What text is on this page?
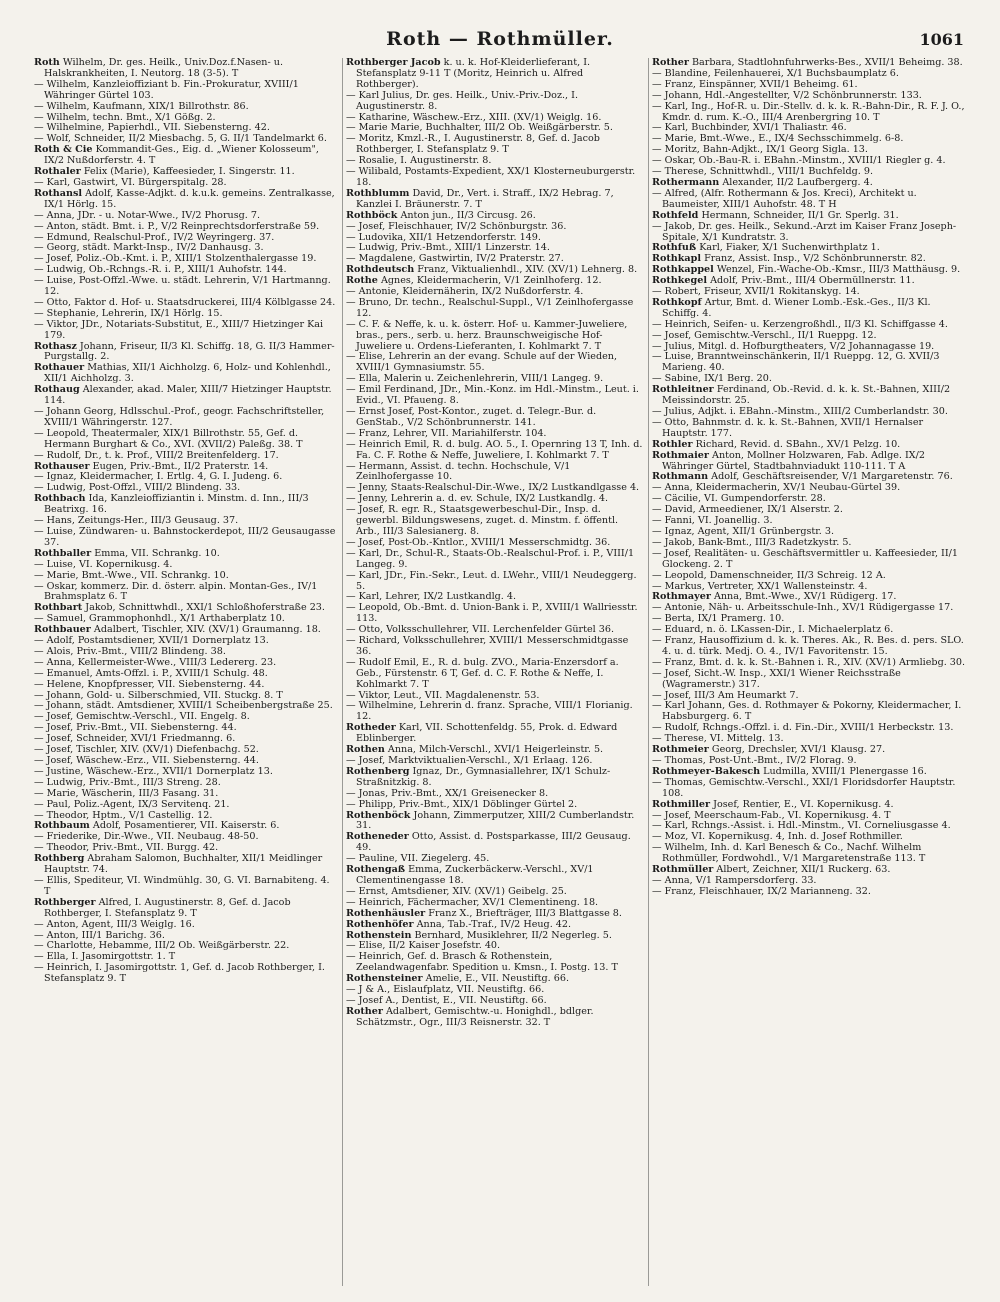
Roth — Rothmüller.	1061

Roth Wilhelm, Dr. ges. Heilk., Univ.Doz.f.Nasen- u. Halskrankheiten, I. Neutorg. 18 (3-5). T

— Wilhelm, Kanzleioffiziant b. Fin.-Prokuratur, XVIII/1 Währinger Gürtel 103.

— Wilhelm, Kaufmann, XIX/1 Billrothstr. 86.

— Wilhelm, techn. Bmt., X/1 Gößg. 2.

— Wilhelmine, Papierhdl., VII. Siebensterng. 42.

— Wolf, Schneider, II/2 Miesbachg. 5, G. II/1 Tandelmarkt 6.

Roth & Cie Kommandit-Ges., Eig. d. „Wiener Kolosseum", IX/2 Nußdorferstr. 4. T

Rothaler Felix (Marie), Kaffeesieder, I. Singerstr. 11.

— Karl, Gastwirt, VI. Bürgerspitalg. 28.

Rothansl Adolf, Kasse-Adjkt. d. k.u.k. gemeins. Zentralkasse, IX/1 Hörlg. 15.

— Anna, JDr. - u. Notar-Wwe., IV/2 Phorusg. 7.

— Anton, städt. Bmt. i. P., V/2 Reinprechtsdorferstraße 59.

— Edmund, Realschul-Prof., IV/2 Weyringerg. 37.

— Georg, städt. Markt-Insp., IV/2 Danhausg. 3.

— Josef, Poliz.-Ob.-Kmt. i. P., XIII/1 Stolzenthalergasse 19.

— Ludwig, Ob.-Rchngs.-R. i. P., XIII/1 Auhofstr. 144.

— Luise, Post-Offzl.-Wwe. u. städt. Lehrerin, V/1 Hartmanng. 12.

— Otto, Faktor d. Hof- u. Staatsdruckerei, III/4 Kölblgasse 24.

— Stephanie, Lehrerin, IX/1 Hörlg. 15.

— Viktor, JDr., Notariats-Substitut, E., XIII/7 Hietzinger Kai 179.

Rothasz Johann, Friseur, II/3 Kl. Schiffg. 18, G. II/3 Hammer-Purgstallg. 2.

Rothauer Mathias, XII/1 Aichholzg. 6, Holz- und Kohlenhdl., XII/1 Aichholzg. 3.

Rothaug Alexander, akad. Maler, XIII/7 Hietzinger Hauptstr. 114.

— Johann Georg, Hdlsschul.-Prof., geogr. Fachschriftsteller, XVIII/1 Währingerstr. 127.

— Leopold, Theatermaler, XIX/1 Billrothstr. 55, Gef. d. Hermann Burghart & Co., XVI. (XVII/2) Paleßg. 38. T

— Rudolf, Dr., t. k. Prof., VIII/2 Breitenfelderg. 17.

Rothauser Eugen, Priv.-Bmt., II/2 Praterstr. 14.

— Ignaz, Kleidermacher, I. Ertlg. 4, G. I. Judeng. 6.

— Ludwig, Post-Offzl., VIII/2 Blindeng. 33.

Rothbach Ida, Kanzleioffiziantin i. Minstm. d. Inn., III/3 Beatrixg. 16.

— Hans, Zeitungs-Her., III/3 Geusaug. 37.

— Luise, Zündwaren- u. Bahnstockerdepot, III/2 Geusaugasse 37.

Rothballer Emma, VII. Schrankg. 10.

— Luise, VI. Kopernikusg. 4.

— Marie, Bmt.-Wwe., VII. Schrankg. 10.

— Oskar, kommerz. Dir. d. österr. alpin. Montan-Ges., IV/1 Brahmsplatz 6. T

Rothbart Jakob, Schnittwhdl., XXI/1 Schloßhoferstraße 23.

— Samuel, Grammophonhdl., X/1 Arthaberplatz 10.

Rothbauer Adalbert, Tischler, XIV. (XV/1) Graumanng. 18.

— Adolf, Postamtsdiener, XVII/1 Dornerplatz 13.

— Alois, Priv.-Bmt., VIII/2 Blindeng. 38.

— Anna, Kellermeister-Wwe., VIII/3 Ledererg. 23.

— Emanuel, Amts-Offzl. i. P., XVIII/1 Schulg. 48.

— Helene, Knopfpresser, VII. Siebensterng. 44.

— Johann, Gold- u. Silberschmied, VII. Stuckg. 8. T

— Johann, städt. Amtsdiener, XVIII/1 Scheibenbergstraße 25.

— Josef, Gemischtw.-Verschl., VII. Engelg. 8.

— Josef, Priv.-Bmt., VII. Siebensterng. 44.

— Josef, Schneider, XVI/1 Friedmanng. 6.

— Josef, Tischler, XIV. (XV/1) Diefenbachg. 52.

— Josef, Wäschew.-Erz., VII. Siebensterng. 44.

— Justine, Wäschew.-Erz., XVII/1 Dornerplatz 13.

— Ludwig, Priv.-Bmt., III/3 Streng. 28.

— Marie, Wäscherin, III/3 Fasang. 31.

— Paul, Poliz.-Agent, IX/3 Servitenq. 21.

— Theodor, Hptm., V/1 Castellig. 12.

Rothbaum Adolf, Posamentierer, VII. Kaiserstr. 6.

— Friederike, Dir.-Wwe., VII. Neubaug. 48-50.

— Theodor, Priv.-Bmt., VII. Burgg. 42.

Rothberg Abraham Salomon, Buchhalter, XII/1 Meidlinger Hauptstr. 74.

— Ellis, Spediteur, VI. Windmühlg. 30, G. VI. Barnabiteng. 4. T

Rothberger Alfred, I. Augustinerstr. 8, Gef. d. Jacob Rothberger, I. Stefansplatz 9. T

— Anton, Agent, III/3 Weiglg. 16.

— Anton, III/1 Barichg. 36.

— Charlotte, Hebamme, III/2 Ob. Weißgärberstr. 22.

— Ella, I. Jasomirgottstr. 1. T

— Heinrich, I. Jasomirgottstr. 1, Gef. d. Jacob Rothberger, I. Stefansplatz 9. T

Rothberger Jacob k. u. k. Hof-Kleiderlieferant, I. Stefansplatz 9-11 T (Moritz, Heinrich u. Alfred Rothberger).

— Karl Julius, Dr. ges. Heilk., Univ.-Priv.-Doz., I. Augustinerstr. 8.

— Katharine, Wäschew.-Erz., XIII. (XV/1) Weiglg. 16.

— Marie Marie, Buchhalter, III/2 Ob. Weißgärberstr. 5.

— Moritz, Kmzl.-R., I. Augustinerstr. 8, Gef. d. Jacob Rothberger, I. Stefansplatz 9. T

— Rosalie, I. Augustinerstr. 8.

— Wilibald, Postamts-Expedient, XX/1 Klosterneuburgerstr. 18.

Rothblumm David, Dr., Vert. i. Straff., IX/2 Hebrag. 7, Kanzlei I. Bräunerstr. 7. T

Rothböck Anton jun., II/3 Circusg. 26.

— Josef, Fleischhauer, IV/2 Schönburgstr. 36.

— Ludovika, XII/1 Hetzendorferstr. 149.

— Ludwig, Priv.-Bmt., XIII/1 Linzerstr. 14.

— Magdalene, Gastwirtin, IV/2 Praterstr. 27.

Rothdeutsch Franz, Viktualienhdl., XIV. (XV/1) Lehnerg. 8.

Rothe Agnes, Kleidermacherin, V/1 Zeinlhoferg. 12.

— Antonie, Kleidernäherin, IX/2 Nußdorferstr. 4.

— Bruno, Dr. techn., Realschul-Suppl., V/1 Zeinlhofergasse 12.

— C. F. & Neffe, k. u. k. österr. Hof- u. Kammer-Juweliere, bras., pers., serb. u. herz. Braunschweigische Hof-Juweliere u. Ordens-Lieferanten, I. Kohlmarkt 7. T

— Elise, Lehrerin an der evang. Schule auf der Wieden, XVIII/1 Gymnasiumstr. 55.

— Ella, Malerin u. Zeichenlehrerin, VIII/1 Langeg. 9.

— Emil Ferdinand, JDr., Min.-Konz. im Hdl.-Minstm., Leut. i. Evid., VI. Pfaueng. 8.

— Ernst Josef, Post-Kontor., zuget. d. Telegr.-Bur. d. GenStab., V/2 Schönbrunnerstr. 141.

— Franz, Lehrer, VII. Mariahilferstr. 104.

— Heinrich Emil, R. d. bulg. AO. 5., I. Opernring 13 T, Inh. d. Fa. C. F. Rothe & Neffe, Juweliere, I. Kohlmarkt 7. T

— Hermann, Assist. d. techn. Hochschule, V/1 Zeinlhofergasse 10.

— Jenny, Staats-Realschul-Dir.-Wwe., IX/2 Lustkandlgasse 4.

— Jenny, Lehrerin a. d. ev. Schule, IX/2 Lustkandlg. 4.

— Josef, R. egr. R., Staatsgewerbeschul-Dir., Insp. d. gewerbl. Bildungswesens, zuget. d. Minstm. f. öffentl. Arb., III/3 Salesianerg. 8.

— Josef, Post-Ob.-Kntlor., XVIII/1 Messerschmidtg. 36.

— Karl, Dr., Schul-R., Staats-Ob.-Realschul-Prof. i. P., VIII/1 Langeg. 9.

— Karl, JDr., Fin.-Sekr., Leut. d. LWehr., VIII/1 Neudeggerg. 5.

— Karl, Lehrer, IX/2 Lustkandlg. 4.

— Leopold, Ob.-Bmt. d. Union-Bank i. P., XVIII/1 Wallriesstr. 113.

— Otto, Volksschullehrer, VII. Lerchenfelder Gürtel 36.

— Richard, Volksschullehrer, XVIII/1 Messerschmidtgasse 36.

— Rudolf Emil, E., R. d. bulg. ZVO., Maria-Enzersdorf a. Geb., Fürstenstr. 6 T, Gef. d. C. F. Rothe & Neffe, I. Kohlmarkt 7. T

— Viktor, Leut., VII. Magdalenenstr. 53.

— Wilhelmine, Lehrerin d. franz. Sprache, VIII/1 Florianig. 12.

Rotheder Karl, VII. Schottenfeldg. 55, Prok. d. Edward Eblinberger.

Rothen Anna, Milch-Verschl., XVI/1 Heigerleinstr. 5.

— Josef, Marktviktualien-Verschl., X/1 Erlaag. 126.

Rothenberg Ignaz, Dr., Gymnasiallehrer, IX/1 Schulz-Straßnitzkig. 8.

— Jonas, Priv.-Bmt., XX/1 Greisenecker 8.

— Philipp, Priv.-Bmt., XIX/1 Döblinger Gürtel 2.

Rothenböck Johann, Zimmerputzer, XIII/2 Cumberlandstr. 31.

Rotheneder Otto, Assist. d. Postsparkasse, III/2 Geusaug. 49.

— Pauline, VII. Ziegelerg. 45.

Rothengaß Emma, Zuckerbäckerw.-Verschl., XV/1 Clementinengasse 18.

— Ernst, Amtsdiener, XIV. (XV/1) Geibelg. 25.

— Heinrich, Fächermacher, XV/1 Clementineng. 18.

Rothenhäusler Franz X., Briefträger, III/3 Blattgasse 8.

Rothenhöfer Anna, Tab.-Traf., IV/2 Heug. 42.

Rothenstein Bernhard, Musiklehrer, II/2 Negerleg. 5.

— Elise, II/2 Kaiser Josefstr. 40.

— Heinrich, Gef. d. Brasch & Rothenstein, Zeelandwagenfabr. Spedition u. Kmsn., I. Postg. 13. T

Rothensteiner Amelie, E., VII. Neustiftg. 66.

— J & A., Eislaufplatz, VII. Neustiftg. 66.

— Josef A., Dentist, E., VII. Neustiftg. 66.

Rother Adalbert, Gemischtw.-u. Honighdl., bdlger. Schätzmstr., Ogr., III/3 Reisnerstr. 32. T

Rother Barbara, Stadtlohnfuhrwerks-Bes., XVII/1 Beheimg. 38.

— Blandine, Feilenhauerei, X/1 Buchsbaumplatz 6.

— Franz, Einspänner, XVII/1 Beheimg. 61.

— Johann, Hdl.-Angestellter, V/2 Schönbrunnerstr. 133.

— Karl, Ing., Hof-R. u. Dir.-Stellv. d. k. k. R.-Bahn-Dir., R. F. J. O., Kmdr. d. rum. K.-O., III/4 Arenbergring 10. T

— Karl, Buchbinder, XVI/1 Thaliastr. 46.

— Marie, Bmt.-Wwe., E., IX/4 Sechsschimmelg. 6-8.

— Moritz, Bahn-Adjkt., IX/1 Georg Sigla. 13.

— Oskar, Ob.-Bau-R. i. EBahn.-Minstm., XVIII/1 Riegler g. 4.

— Therese, Schnittwhdl., VIII/1 Buchfeldg. 9.

Rothermann Alexander, II/2 Laufbergerg. 4.

— Alfred, (Alfr. Rothermann & Jos. Kreci), Architekt u. Baumeister, XIII/1 Auhofstr. 48. T H

Rothfeld Hermann, Schneider, II/1 Gr. Sperlg. 31.

— Jakob, Dr. ges. Heilk., Sekund.-Arzt im Kaiser Franz Joseph-Spitale, X/1 Kundratstr. 3.

Rothfuß Karl, Fiaker, X/1 Suchenwirthplatz 1.

Rothkapl Franz, Assist. Insp., V/2 Schönbrunnerstr. 82.

Rothkappel Wenzel, Fin.-Wache-Ob.-Kmsr., III/3 Matthäusg. 9.

Rothkegel Adolf, Priv.-Bmt., III/4 Obermüllnerstr. 11.

— Robert, Friseur, XVII/1 Rokitanskyg. 14.

Rothkopf Artur, Bmt. d. Wiener Lomb.-Esk.-Ges., II/3 Kl. Schiffg. 4.

— Heinrich, Seifen- u. Kerzengroßhdl., II/3 Kl. Schiffgasse 4.

— Josef, Gemischtw.-Verschl., II/1 Rueppg. 12.

— Julius, Mitgl. d. Hofburgtheaters, V/2 Johannagasse 19.

— Luise, Branntweinschänkerin, II/1 Rueppg. 12, G. XVII/3 Marieng. 40.

— Sabine, IX/1 Berg. 20.

Rothleitner Ferdinand, Ob.-Revid. d. k. k. St.-Bahnen, XIII/2 Meissindorstr. 25.

— Julius, Adjkt. i. EBahn.-Minstm., XIII/2 Cumberlandstr. 30.

— Otto, Bahnmstr. d. k. k. St.-Bahnen, XVII/1 Hernalser Hauptstr. 177.

Rothler Richard, Revid. d. SBahn., XV/1 Pelzg. 10.

Rothmaier Anton, Mollner Holzwaren, Fab. Adlge. IX/2 Währinger Gürtel, Stadtbahnviadukt 110-111. T A

Rothmann Adolf, Geschäftsreisender, V/1 Margaretenstr. 76.

— Anna, Kleidermacherin, XV/1 Neubau-Gürtel 39.

— Cäcilie, VI. Gumpendorferstr. 28.

— David, Armeediener, IX/1 Alserstr. 2.

— Fanni, VI. Joanellig. 3.

— Ignaz, Agent, XII/1 Grünbergstr. 3.

— Jakob, Bank-Bmt., III/3 Radetzkystr. 5.

— Josef, Realitäten- u. Geschäftsvermittler u. Kaffeesieder, II/1 Glockeng. 2. T

— Leopold, Damenschneider, II/3 Schreig. 12 A.

— Markus, Vertreter, XX/1 Wallensteinstr. 4.

Rothmayer Anna, Bmt.-Wwe., XV/1 Rüdigerg. 17.

— Antonie, Näh- u. Arbeitsschule-Inh., XV/1 Rüdigergasse 17.

— Berta, IX/1 Pramerg. 10.

— Eduard, n. ö. LKassen-Dir., I. Michaelerplatz 6.

— Franz, Hausoffizium d. k. k. Theres. Ak., R. Bes. d. pers. SLO. 4. u. d. türk. Medj. O. 4., IV/1 Favoritenstr. 15.

— Franz, Bmt. d. k. k. St.-Bahnen i. R., XIV. (XV/1) Armliebg. 30.

— Josef, Sicht.-W. Insp., XXI/1 Wiener Reichsstraße (Wagramerstr.) 317.

— Josef, III/3 Am Heumarkt 7.

— Karl Johann, Ges. d. Rothmayer & Pokorny, Kleidermacher, I. Habsburgerg. 6. T

— Rudolf, Rchngs.-Offzl. i. d. Fin.-Dir., XVIII/1 Herbeckstr. 13.

— Therese, VI. Mittelg. 13.

Rothmeier Georg, Drechsler, XVI/1 Klausg. 27.

— Thomas, Post-Unt.-Bmt., IV/2 Florag. 9.

Rothmeyer-Bakesch Ludmilla, XVIII/1 Plenergasse 16.

— Thomas, Gemischtw.-Verschl., XXI/1 Floridsdorfer Hauptstr. 108.

Rothmiller Josef, Rentier, E., VI. Kopernikusg. 4.

— Josef, Meerschaum-Fab., VI. Kopernikusg. 4. T

— Karl, Rchngs.-Assist. i. Hdl.-Minstm., VI. Corneliusgasse 4.

— Moz, VI. Kopernikusg. 4, Inh. d. Josef Rothmiller.

— Wilhelm, Inh. d. Karl Benesch & Co., Nachf. Wilhelm Rothmüller, Fordwohdl., V/1 Margaretenstraße 113. T

Rothmüller Albert, Zeichner, XII/1 Ruckerg. 63.

— Anna, V/1 Rampersdorferg. 33.

— Franz, Fleischhauer, IX/2 Marianneng. 32.
